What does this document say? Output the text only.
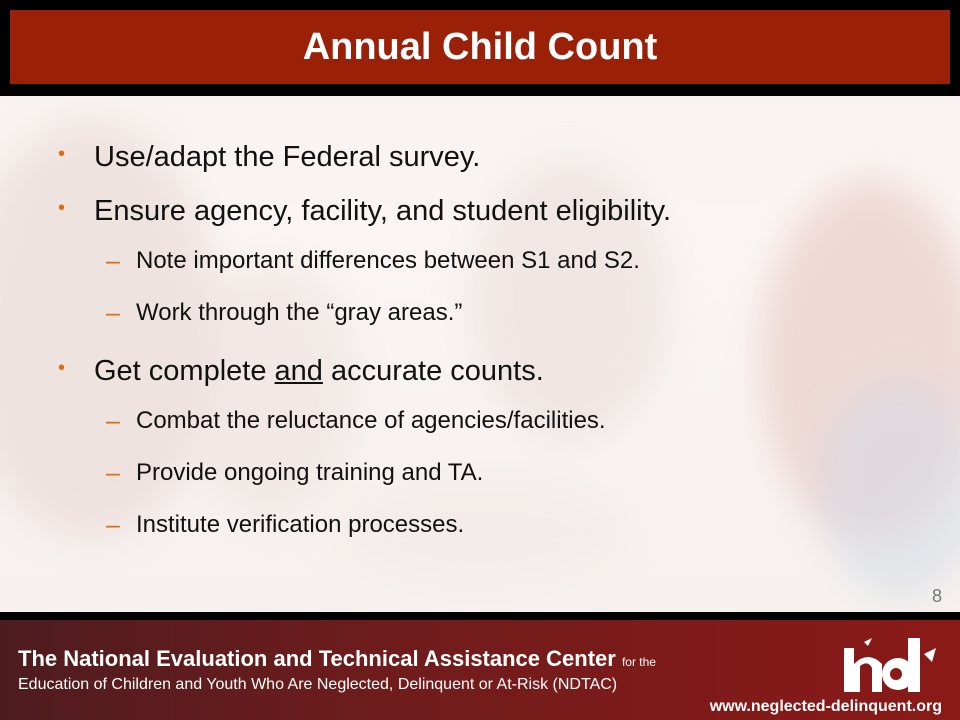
Annual Child Count
• Use/adapt the Federal survey.
• Ensure agency, facility, and student eligibility.
– Note important differences between S1 and S2.
– Work through the “gray areas.”
• Get complete and accurate counts.
– Combat the reluctance of agencies/facilities.
– Provide ongoing training and TA.
– Institute verification processes.
8
The National Evaluation and Technical Assistance Center for the
Education of Children and Youth Who Are Neglected, Delinquent or At-Risk (NDTAC)
www.neglected-delinquent.org
